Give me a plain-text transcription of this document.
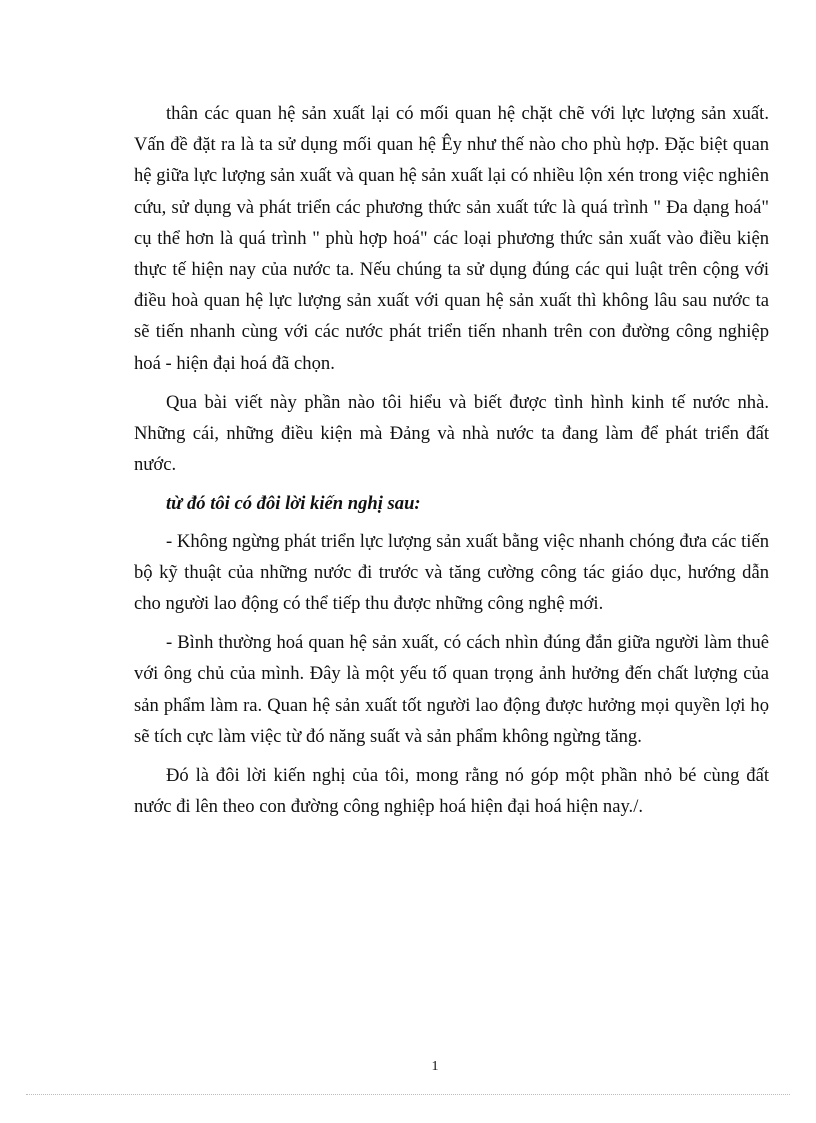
thân các quan hệ sản xuất lại có mối quan hệ chặt chẽ với lực lượng sản xuất. Vấn đề đặt ra là ta sử dụng mối quan hệ Êy như thế nào cho phù hợp. Đặc biệt quan hệ giữa lực lượng sản xuất và quan hệ sản xuất lại có nhiều lộn xén trong việc nghiên cứu, sử dụng và phát triển các phương thức sản xuất tức là quá trình " Đa dạng hoá" cụ thể hơn là quá trình " phù hợp hoá" các loại phương thức sản xuất vào điều kiện thực tế hiện nay của nước ta. Nếu chúng ta sử dụng đúng các qui luật trên cộng với điều hoà quan hệ lực lượng sản xuất với quan hệ sản xuất thì không lâu sau nước ta sẽ tiến nhanh cùng với các nước phát triển tiến nhanh trên con đường công nghiệp hoá - hiện đại hoá đã chọn.

Qua bài viết này phần nào tôi hiểu và biết được tình hình kinh tế nước nhà. Những cái, những điều kiện mà Đảng và nhà nước ta đang làm để phát triển đất nước.

từ đó tôi có đôi lời kiến nghị sau:

- Không ngừng phát triển lực lượng sản xuất bằng việc nhanh chóng đưa các tiến bộ kỹ thuật của những nước đi trước và tăng cường công tác giáo dục, hướng dẫn cho người lao động có thể tiếp thu được những công nghệ mới.

- Bình thường hoá quan hệ sản xuất, có cách nhìn đúng đắn giữa người làm thuê với ông chủ của mình. Đây là một yếu tố quan trọng ảnh hưởng đến chất lượng của sản phẩm làm ra. Quan hệ sản xuất tốt người lao động được hưởng mọi quyền lợi họ sẽ tích cực làm việc từ đó năng suất và sản phẩm không ngừng tăng.

Đó là đôi lời kiến nghị của tôi, mong rằng nó góp một phần nhỏ bé cùng đất nước đi lên theo con đường công nghiệp hoá hiện đại hoá hiện nay./.

1
